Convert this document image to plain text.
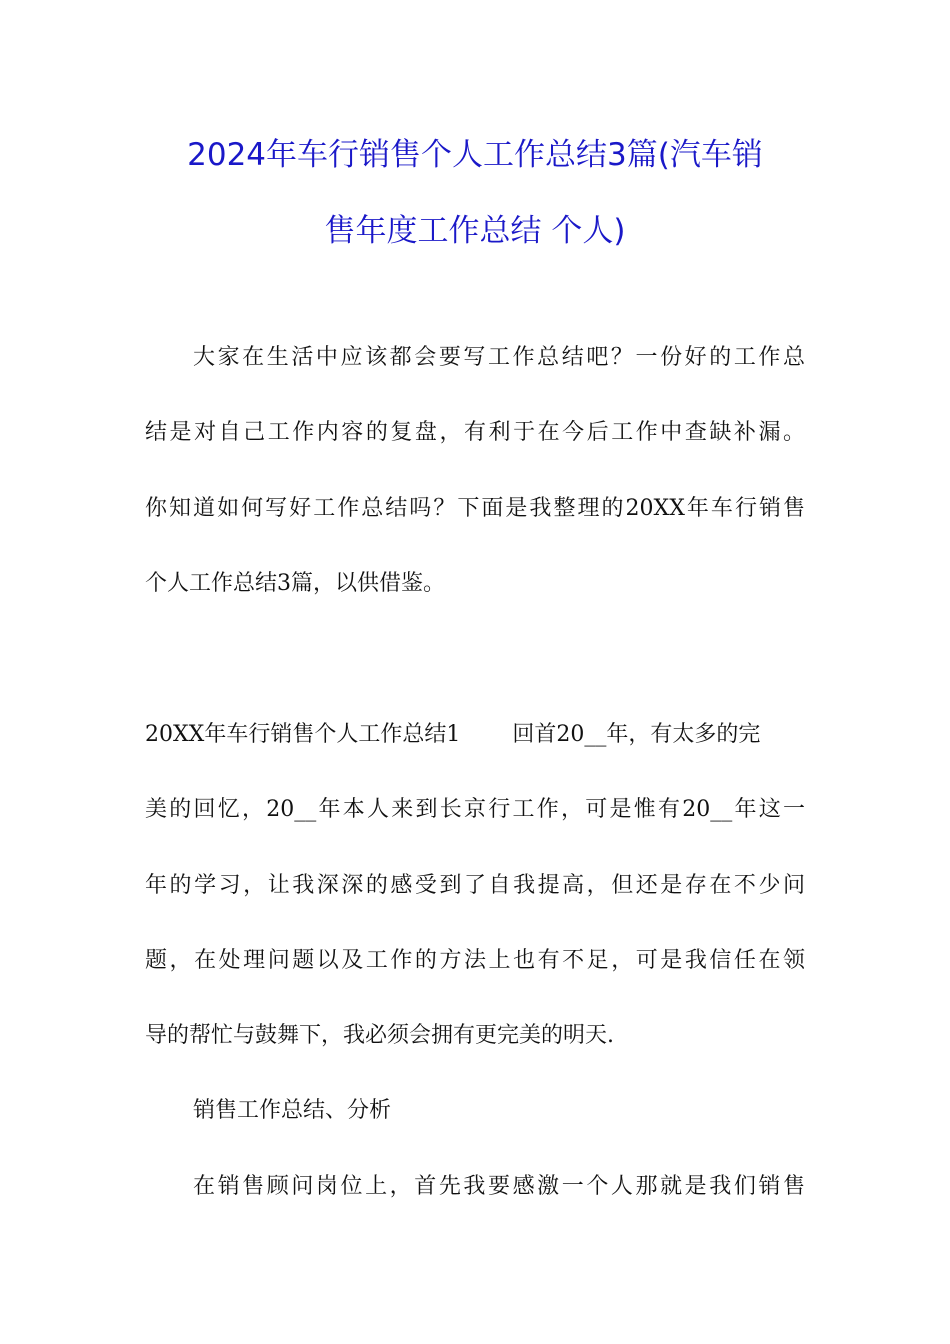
2024年车行销售个人工作总结3篇(汽车销
售年度工作总结 个人)
大家在生活中应该都会要写工作总结吧？一份好的工作总
结是对自己工作内容的复盘，有利于在今后工作中查缺补漏。
你知道如何写好工作总结吗？下面是我整理的20XX年车行销售
个人工作总结3篇，以供借鉴。
20XX年车行销售个人工作总结1 回首20__年，有太多的完
美的回忆，20__年本人来到长京行工作，可是惟有20__年这一
年的学习，让我深深的感受到了自我提高，但还是存在不少问
题，在处理问题以及工作的方法上也有不足，可是我信任在领
导的帮忙与鼓舞下，我必须会拥有更完美的明天.
销售工作总结、分析
在销售顾问岗位上，首先我要感激一个人那就是我们销售
